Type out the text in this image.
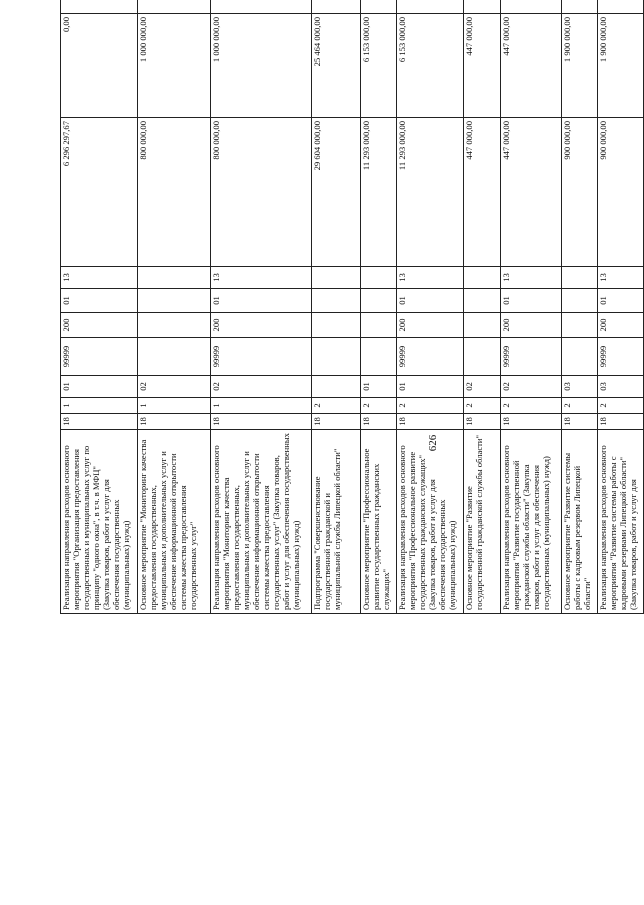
626
Реализация направления расходов основного мероприятия "Организация предоставления государственных и муниципальных услуг по принципу "одного окна", в т.ч. в МФЦ" (Закупка товаров, работ и услуг для обеспечения государственных (муниципальных) нужд)	18	1	01	99999	200	01	13	6 296 297,67	0,00	
Основное мероприятие "Мониторинг качества предоставления государственных, муниципальных и дополнительных услуг и обеспечение информационной открытости системы качества предоставления государственных услуг"	18	1	02					800 000,00	1 000 000,00	
Реализация направления расходов основного мероприятия "Мониторинг качества предоставления государственных, муниципальных и дополнительных услуг и обеспечение информационной открытости системы качества предоставления государственных услуг" (Закупка товаров, работ и услуг для обеспечения государственных (муниципальных) нужд)	18	1	02	99999	200	01	13	800 000,00	1 000 000,00	
Подпрограмма "Совершенствование государственной гражданской и муниципальной службы Липецкой области"	18	2						29 604 000,00	25 464 000,00	
Основное мероприятие "Профессиональное развитие государственных гражданских служащих"	18	2	01					11 293 000,00	6 153 000,00	
Реализация направления расходов основного мероприятия "Профессиональное развитие государственных гражданских служащих" (Закупка товаров, работ и услуг для обеспечения государственных (муниципальных) нужд)	18	2	01	99999	200	01	13	11 293 000,00	6 153 000,00	
Основное мероприятие "Развитие государственной гражданской службы области"	18	2	02					447 000,00	447 000,00	
Реализация направления расходов основного мероприятия "Развитие государственной гражданской службы области" (Закупка товаров, работ и услуг для обеспечения государственных (муниципальных) нужд)	18	2	02	99999	200	01	13	447 000,00	447 000,00	
Основное мероприятие "Развитие системы работы с кадровым резервом Липецкой области"	18	2	03					900 000,00	1 900 000,00	
Реализация направления расходов основного мероприятия "Развитие системы работы с кадровыми резервами Липецкой области" (Закупка товаров, работ и услуг для	18	2	03	99999	200	01	13	900 000,00	1 900 000,00	
